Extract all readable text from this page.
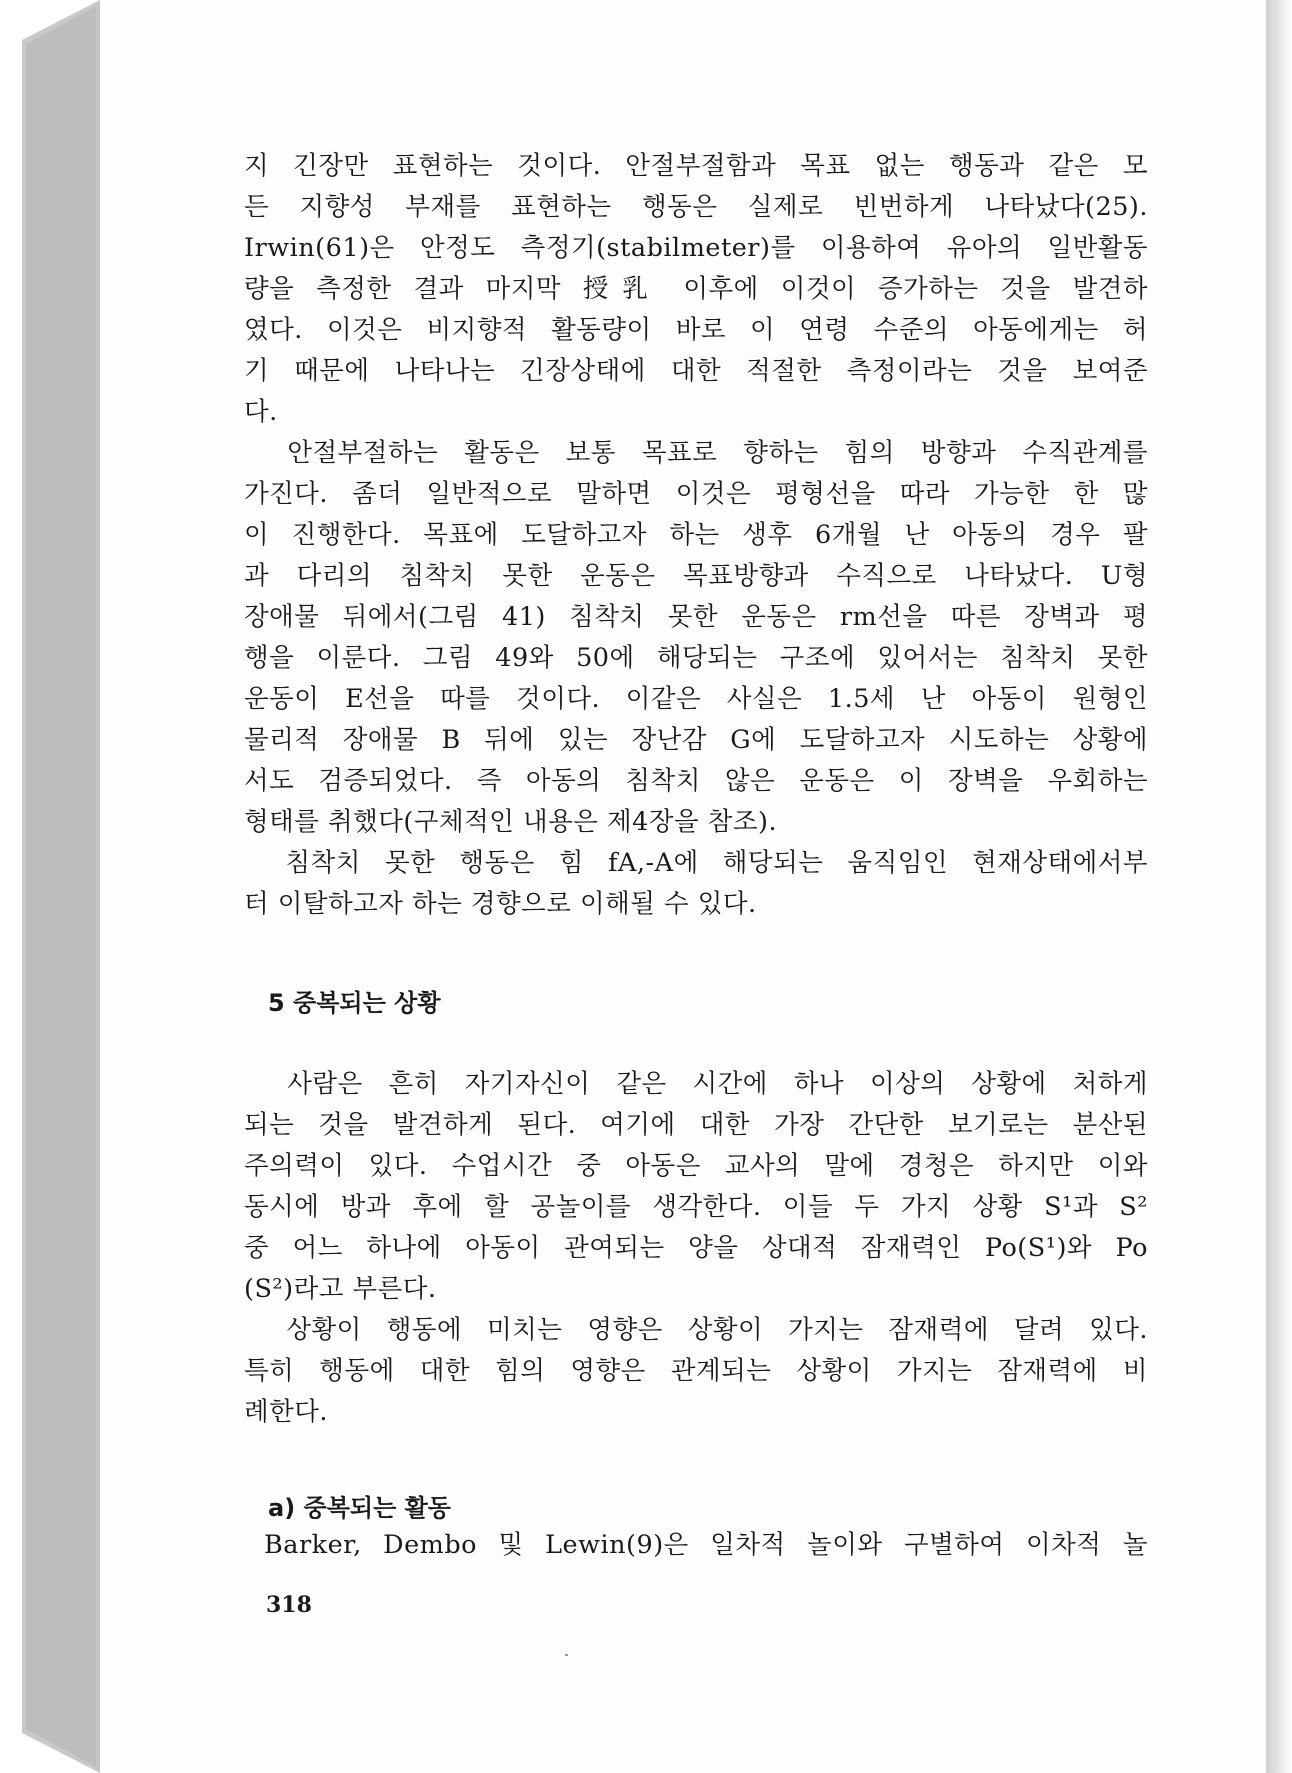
지 긴장만 표현하는 것이다. 안절부절함과 목표 없는 행동과 같은 모
든 지향성 부재를 표현하는 행동은 실제로 빈번하게 나타났다(25).
Irwin(61)은 안정도 측정기(stabilmeter)를 이용하여 유아의 일반활동
량을 측정한 결과 마지막 授乳 이후에 이것이 증가하는 것을 발견하
였다. 이것은 비지향적 활동량이 바로 이 연령 수준의 아동에게는 허
기 때문에 나타나는 긴장상태에 대한 적절한 측정이라는 것을 보여준
다.
　안절부절하는 활동은 보통 목표로 향하는 힘의 방향과 수직관계를
가진다. 좀더 일반적으로 말하면 이것은 평형선을 따라 가능한 한 많
이 진행한다. 목표에 도달하고자 하는 생후 6개월 난 아동의 경우 팔
과 다리의 침착치 못한 운동은 목표방향과 수직으로 나타났다. U형
장애물 뒤에서(그림 41) 침착치 못한 운동은 rm선을 따른 장벽과 평
행을 이룬다. 그림 49와 50에 해당되는 구조에 있어서는 침착치 못한
운동이 E선을 따를 것이다. 이같은 사실은 1.5세 난 아동이 원형인
물리적 장애물 B 뒤에 있는 장난감 G에 도달하고자 시도하는 상황에
서도 검증되었다. 즉 아동의 침착치 않은 운동은 이 장벽을 우회하는
형태를 취했다(구체적인 내용은 제4장을 참조).
　침착치 못한 행동은 힘 fA,-A에 해당되는 움직임인 현재상태에서부
터 이탈하고자 하는 경향으로 이해될 수 있다.
5 중복되는 상황
　사람은 흔히 자기자신이 같은 시간에 하나 이상의 상황에 처하게
되는 것을 발견하게 된다. 여기에 대한 가장 간단한 보기로는 분산된
주의력이 있다. 수업시간 중 아동은 교사의 말에 경청은 하지만 이와
동시에 방과 후에 할 공놀이를 생각한다. 이들 두 가지 상황 S¹과 S²
중 어느 하나에 아동이 관여되는 양을 상대적 잠재력인 Po(S¹)와 Po
(S²)라고 부른다.
　상황이 행동에 미치는 영향은 상황이 가지는 잠재력에 달려 있다.
특히 행동에 대한 힘의 영향은 관계되는 상황이 가지는 잠재력에 비
례한다.
a) 중복되는 활동
Barker, Dembo 및 Lewin(9)은 일차적 놀이와 구별하여 이차적 놀
318
